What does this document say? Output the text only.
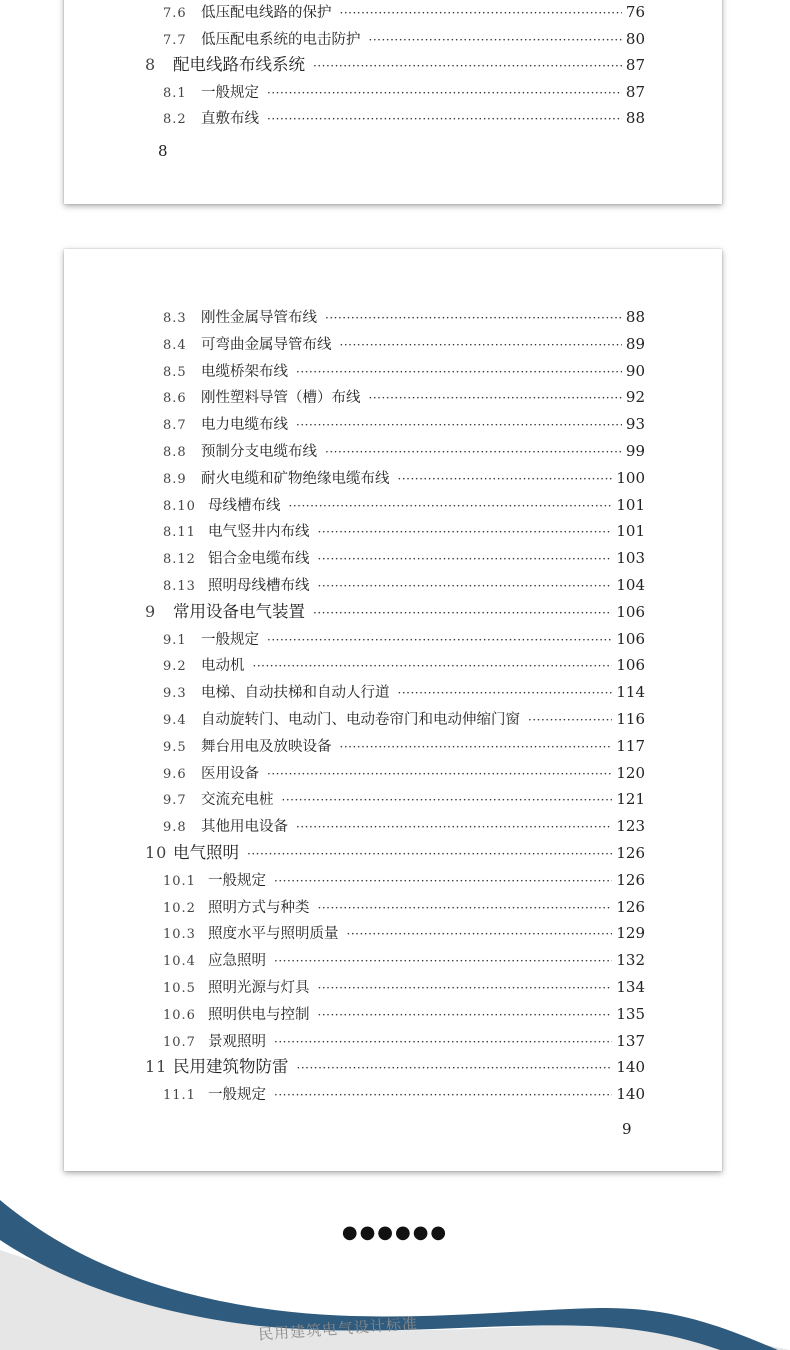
7.6 低压配电线路的保护 ·····	76
7.7 低压配电系统的电击防护 ·····	80
8	配电线路布线系统 ·····	87
8.1 一般规定 ·····	87
8.2 直敷布线 ·····	88
8
8.3 刚性金属导管布线 ·····	88
8.4 可弯曲金属导管布线 ·····	89
8.5 电缆桥架布线 ·····	90
8.6 刚性塑料导管（槽）布线 ·····	92
8.7 电力电缆布线 ·····	93
8.8 预制分支电缆布线 ·····	99
8.9 耐火电缆和矿物绝缘电缆布线 ·····	100
8.10 母线槽布线 ·····	101
8.11 电气竖井内布线 ·····	101
8.12 铝合金电缆布线 ·····	103
8.13 照明母线槽布线 ·····	104
9	常用设备电气装置 ·····	106
9.1 一般规定 ·····	106
9.2 电动机 ·····	106
9.3 电梯、自动扶梯和自动人行道 ·····	114
9.4 自动旋转门、电动门、电动卷帘门和电动伸缩门窗 ·····	116
9.5 舞台用电及放映设备 ·····	117
9.6 医用设备 ·····	120
9.7 交流充电桩 ·····	121
9.8 其他用电设备 ·····	123
10 电气照明 ·····	126
10.1 一般规定 ·····	126
10.2 照明方式与种类 ·····	126
10.3 照度水平与照明质量 ·····	129
10.4 应急照明 ·····	132
10.5 照明光源与灯具 ·····	134
10.6 照明供电与控制 ·····	135
10.7 景观照明 ·····	137
11 民用建筑物防雷 ·····	140
11.1 一般规定 ·····	140
9
●●●●●●
民用建筑电气设计标准
